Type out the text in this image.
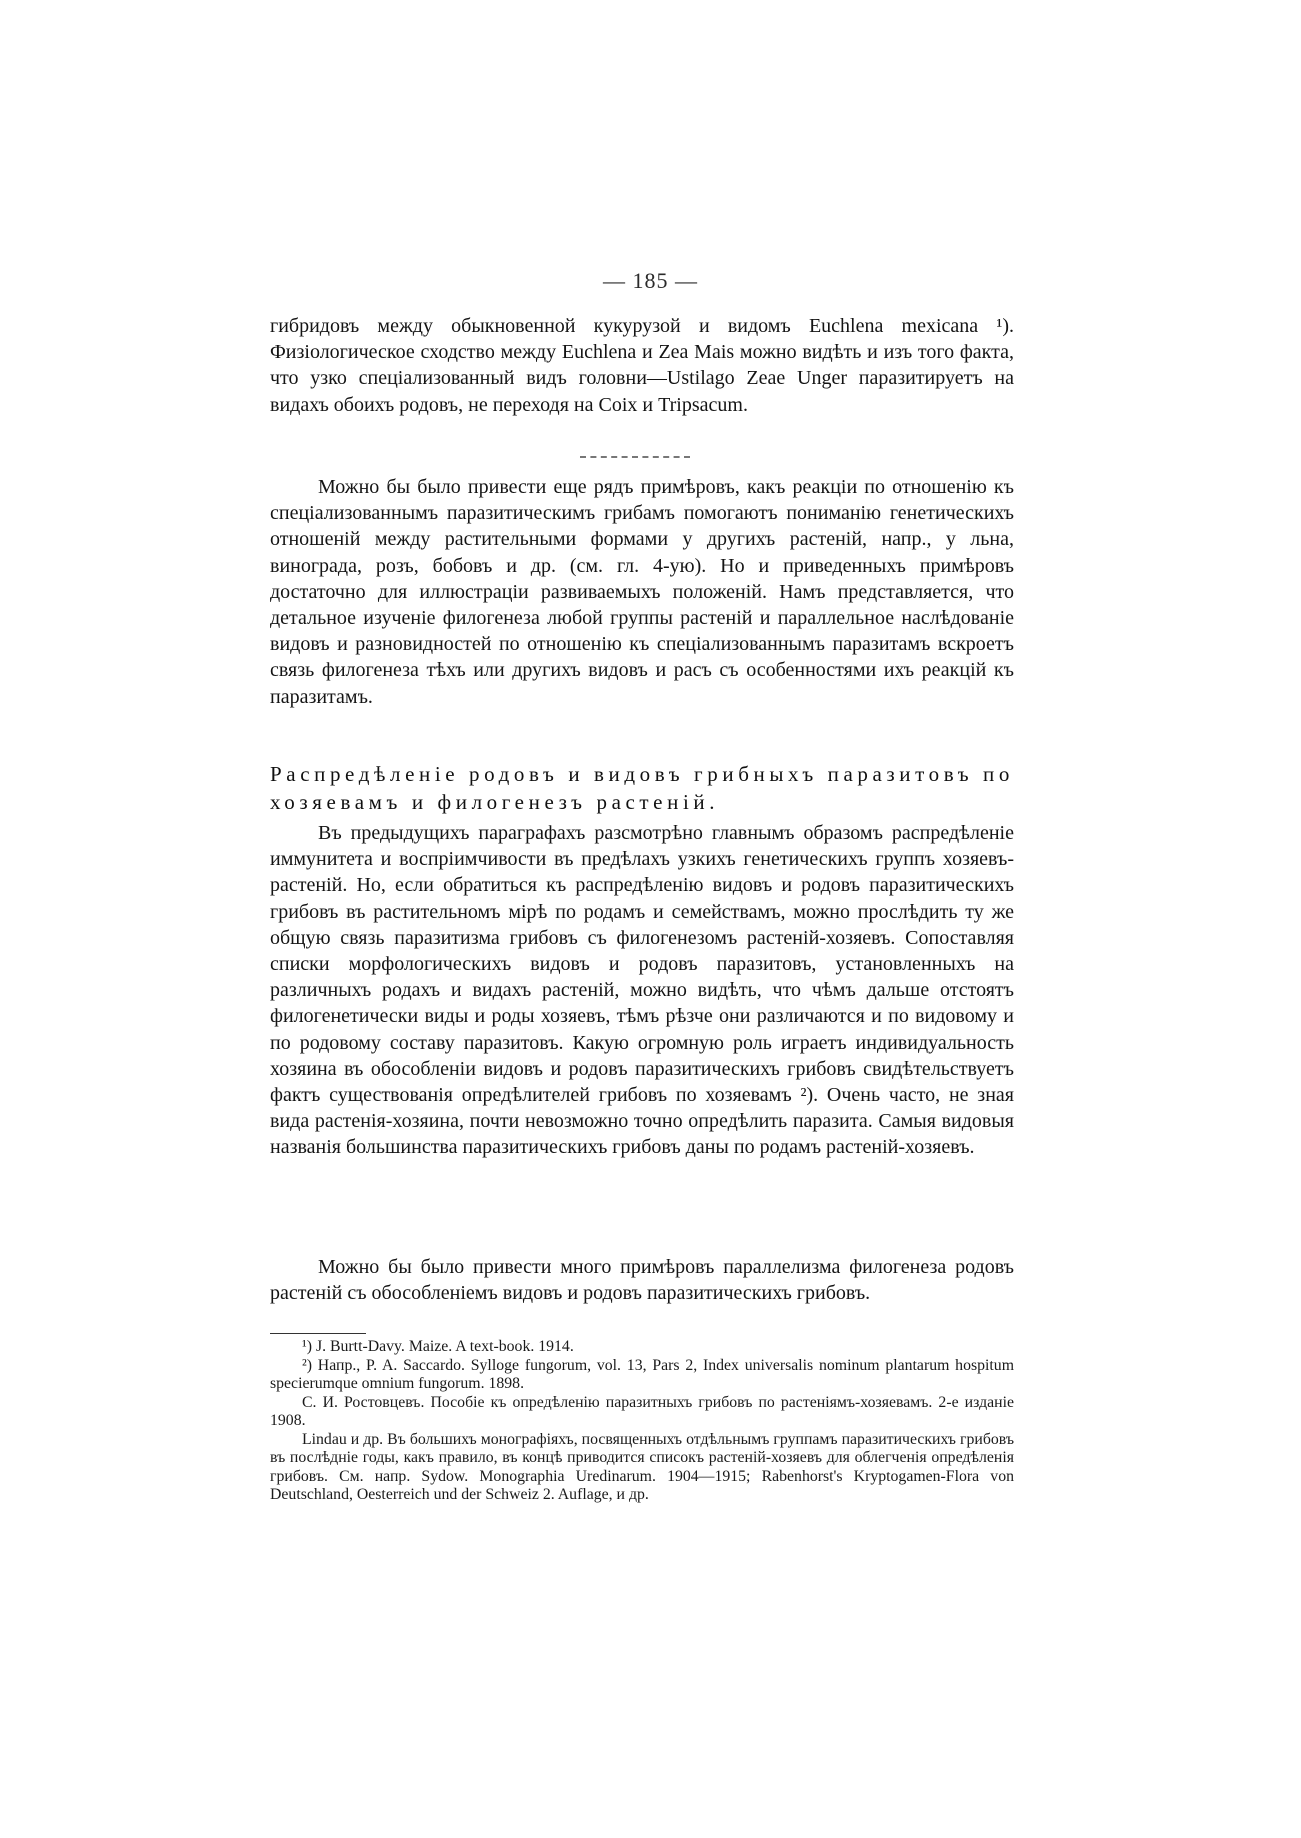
— 185 —

гибридовъ между обыкновенной кукурузой и видомъ Euchlena mexicana ¹). Физіологическое сходство между Euchlena и Zea Mais можно видѣть и изъ того факта, что узко спеціализованный видъ головни—Ustilago Zeae Unger паразитируетъ на видахъ обоихъ родовъ, не переходя на Coix и Tripsacum.

Можно бы было привести еще рядъ примѣровъ, какъ реакціи по отношенію къ спеціализованнымъ паразитическимъ грибамъ помогаютъ пониманію генетическихъ отношеній между растительными формами у другихъ растеній, напр., у льна, винограда, розъ, бобовъ и др. (см. гл. 4-ую). Но и приведенныхъ примѣровъ достаточно для иллюстраціи развиваемыхъ положеній. Намъ представляется, что детальное изученіе филогенеза любой группы растеній и параллельное наслѣдованіе видовъ и разновидностей по отношенію къ спеціализованнымъ паразитамъ вскроетъ связь филогенеза тѣхъ или другихъ видовъ и расъ съ особенностями ихъ реакцій къ паразитамъ.

Распредѣленіе родовъ и видовъ грибныхъ паразитовъ по хозяевамъ и филогенезъ растеній.

Въ предыдущихъ параграфахъ разсмотрѣно главнымъ образомъ распредѣленіе иммунитета и воспріимчивости въ предѣлахъ узкихъ генетическихъ группъ хозяевъ-растеній. Но, если обратиться къ распредѣленію видовъ и родовъ паразитическихъ грибовъ въ растительномъ мірѣ по родамъ и семействамъ, можно прослѣдить ту же общую связь паразитизма грибовъ съ филогенезомъ растеній-хозяевъ. Сопоставляя списки морфологическихъ видовъ и родовъ паразитовъ, установленныхъ на различныхъ родахъ и видахъ растеній, можно видѣть, что чѣмъ дальше отстоятъ филогенетически виды и роды хозяевъ, тѣмъ рѣзче они различаются и по видовому и по родовому составу паразитовъ. Какую огромную роль играетъ индивидуальность хозяина въ обособленіи видовъ и родовъ паразитическихъ грибовъ свидѣтельствуетъ фактъ существованія опредѣлителей грибовъ по хозяевамъ ²). Очень часто, не зная вида растенія-хозяина, почти невозможно точно опредѣлить паразита. Самыя видовыя названія большинства паразитическихъ грибовъ даны по родамъ растеній-хозяевъ.

Можно бы было привести много примѣровъ параллелизма филогенеза родовъ растеній съ обособленіемъ видовъ и родовъ паразитическихъ грибовъ.

¹) J. Burtt-Davy. Maize. A text-book. 1914.

²) Напр., P. A. Saccardo. Sylloge fungorum, vol. 13, Pars 2, Index universalis nominum plantarum hospitum specierumque omnium fungorum. 1898.

С. И. Ростовцевъ. Пособіе къ опредѣленію паразитныхъ грибовъ по растеніямъ-хозяевамъ. 2-е изданіе 1908.

Lindau и др. Въ большихъ монографіяхъ, посвященныхъ отдѣльнымъ группамъ паразитическихъ грибовъ въ послѣдніе годы, какъ правило, въ концѣ приводится списокъ растеній-хозяевъ для облегченія опредѣленія грибовъ. См. напр. Sydow. Monographia Uredinarum. 1904—1915; Rabenhorst's Kryptogamen-Flora von Deutschland, Oesterreich und der Schweiz 2. Auflage, и др.
